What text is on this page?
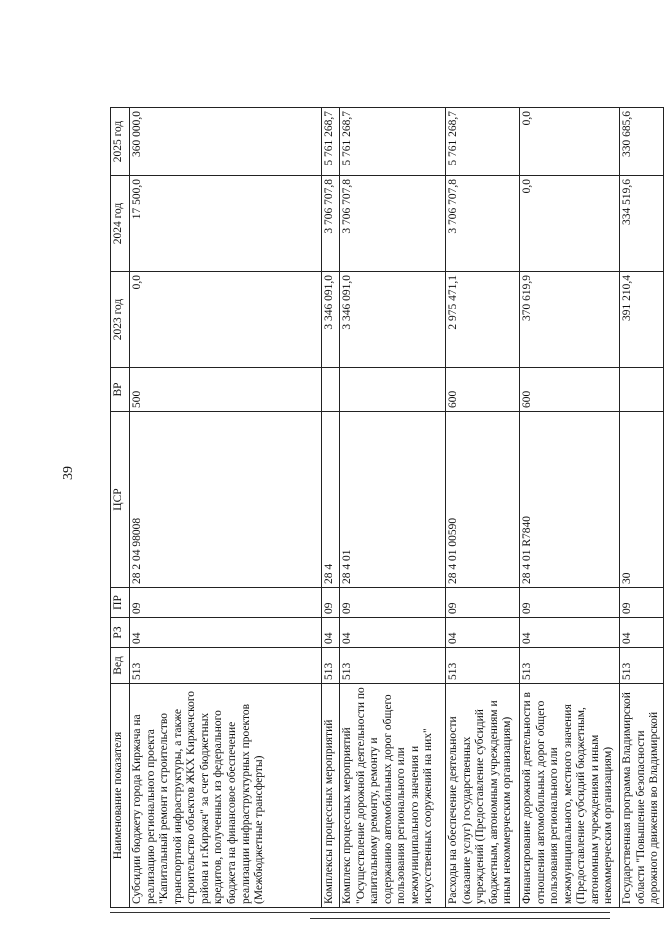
39
Наименование показателя	Вед	РЗ	ПР	ЦСР	ВР	2023 год	2024 год	2025 год
Субсидии бюджету города Киржача на реализацию регионального проекта "Капитальный ремонт и строительство транспортной инфраструктуры, а также строительство объектов ЖКХ Киржачского района и г.Киржач" за счет бюджетных кредитов, полученных из федерального бюджета на финансовое обеспечение реализации инфраструктурных проектов (Межбюджетные трансферты)	513	04	09	28 2 04 98008	500	0,0	17 500,0	360 000,0
Комплексы процессных мероприятий	513	04	09	28 4		3 346 091,0	3 706 707,8	5 761 268,7
Комплекс процессных мероприятий "Осуществление дорожной деятельности по капитальному ремонту, ремонту и содержанию автомобильных дорог общего пользования регионального или межмуниципального значения и искусственных сооружений на них"	513	04	09	28 4 01		3 346 091,0	3 706 707,8	5 761 268,7
Расходы на обеспечение деятельности (оказание услуг) государственных учреждений (Предоставление субсидий бюджетным, автономным учреждениям и иным некоммерческим организациям)	513	04	09	28 4 01 00590	600	2 975 471,1	3 706 707,8	5 761 268,7
Финансирование дорожной деятельности в отношении автомобильных дорог общего пользования регионального или межмуниципального, местного значения (Предоставление субсидий бюджетным, автономным учреждениям и иным некоммерческим организациям)	513	04	09	28 4 01 R7840	600	370 619,9	0,0	0,0
Государственная программа Владимирской области "Повышение безопасности дорожного движения во Владимирской	513	04	09	30		391 210,4	334 519,6	330 685,6
